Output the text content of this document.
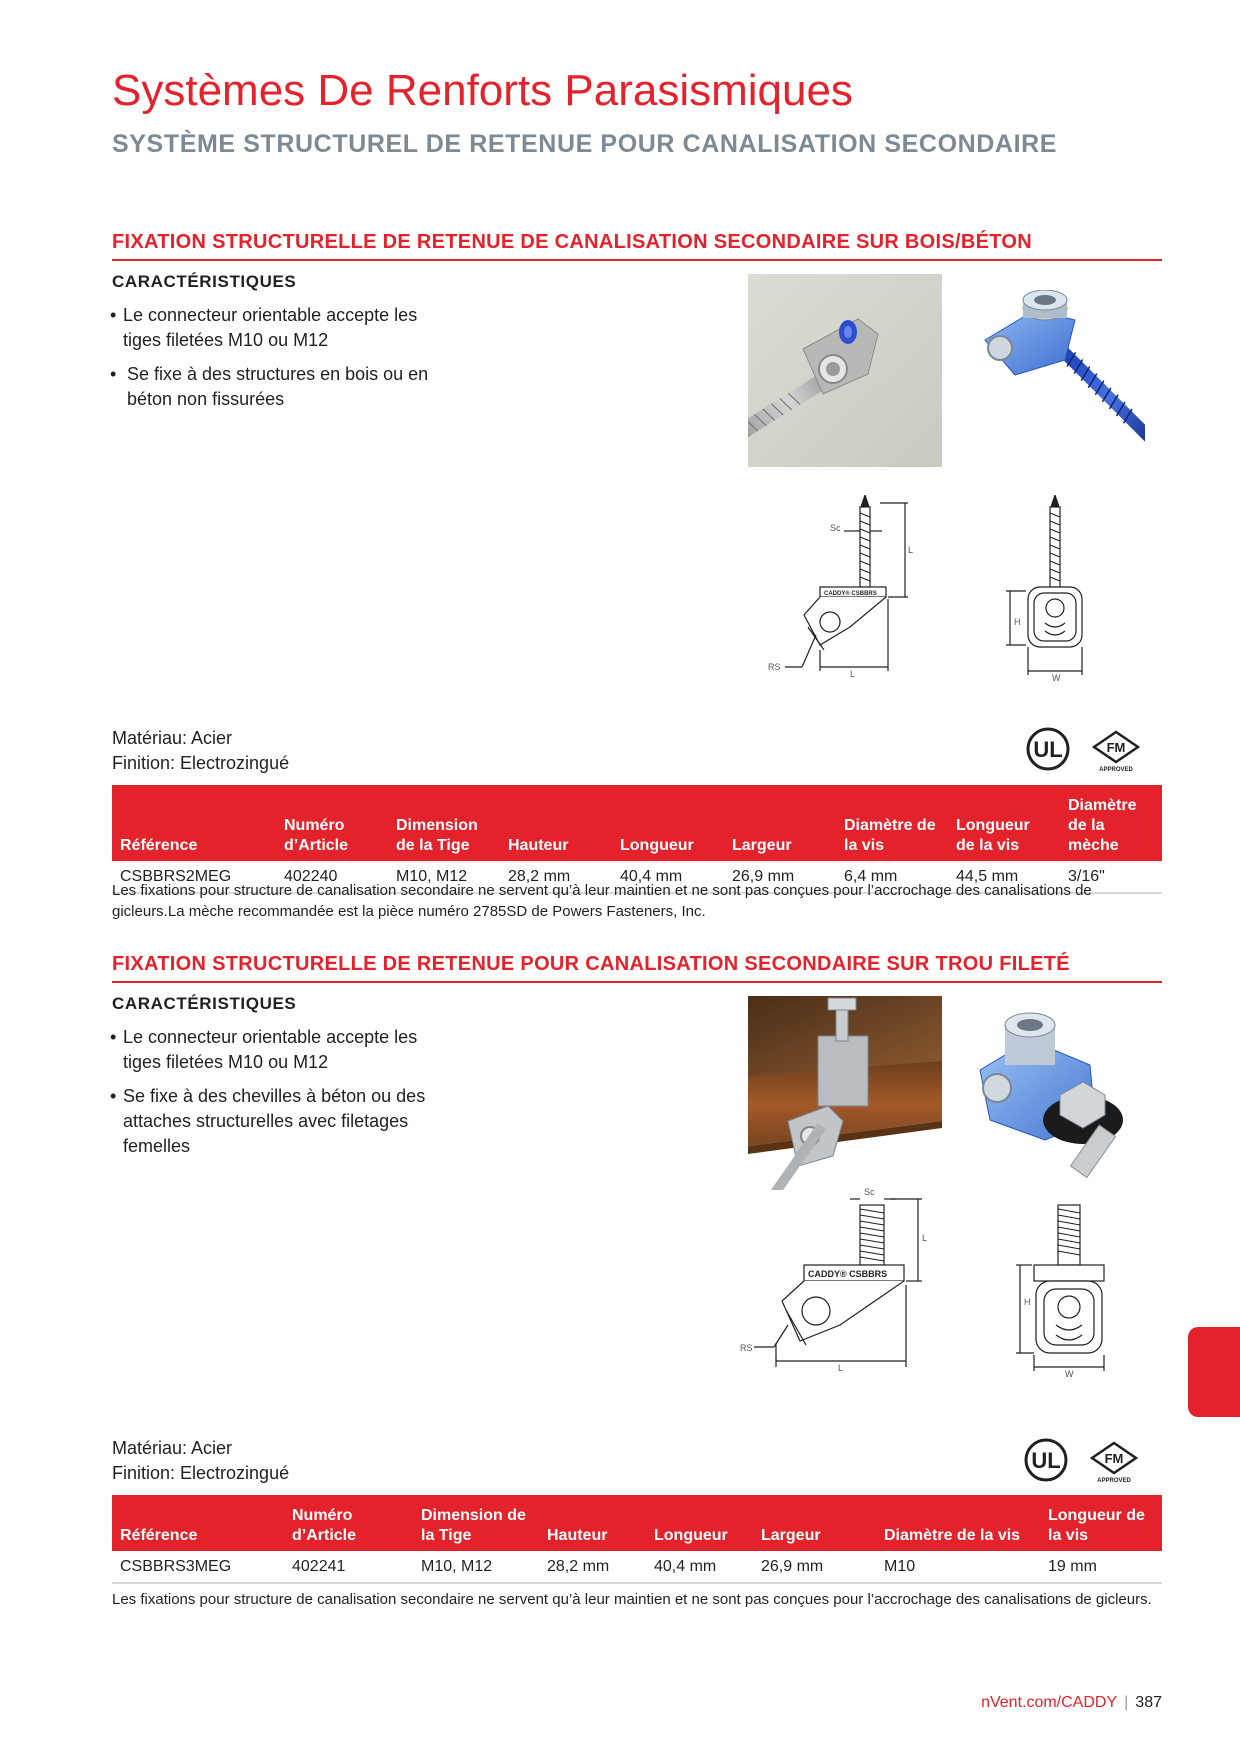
Systèmes De Renforts Parasismiques
SYSTÈME STRUCTUREL DE RETENUE POUR CANALISATION SECONDAIRE
FIXATION STRUCTURELLE DE RETENUE DE CANALISATION SECONDAIRE SUR BOIS/BÉTON
CARACTÉRISTIQUES
• Le connecteur orientable accepte les tiges filetées M10 ou M12
• Se fixe à des structures en bois ou en béton non fissurées
Sc
L
RS
L
CADDY® CSBBRS
H
W
Matériau: Acier
Finition: Electrozingué
UL	FM
APPROVED
Référence	Numéro d’Article	Dimension de la Tige	Hauteur	Longueur	Largeur	Diamètre de la vis	Longueur de la vis	Diamètre de la mèche
CSBBRS2MEG	402240	M10, M12	28,2 mm	40,4 mm	26,9 mm	6,4 mm	44,5 mm	3/16"
Les fixations pour structure de canalisation secondaire ne servent qu’à leur maintien et ne sont pas conçues pour l’accrochage des canalisations de gicleurs.La mèche recommandée est la pièce numéro 2785SD de Powers Fasteners, Inc.
FIXATION STRUCTURELLE DE RETENUE POUR CANALISATION SECONDAIRE SUR TROU FILETÉ
CARACTÉRISTIQUES
• Le connecteur orientable accepte les tiges filetées M10 ou M12
• Se fixe à des chevilles à béton ou des attaches structurelles avec filetages femelles
Sc
L
RS
L
CADDY® CSBBRS
H
W
Matériau: Acier
Finition: Electrozingué	UL	FM
APPROVED
Référence	Numéro d’Article	Dimension de la Tige	Hauteur	Longueur	Largeur	Diamètre de la vis	Longueur de la vis
CSBBRS3MEG	402241	M10, M12	28,2 mm	40,4 mm	26,9 mm	M10	19 mm
Les fixations pour structure de canalisation secondaire ne servent qu’à leur maintien et ne sont pas conçues pour l’accrochage des canalisations de gicleurs.
nVent.com/CADDY | 387
